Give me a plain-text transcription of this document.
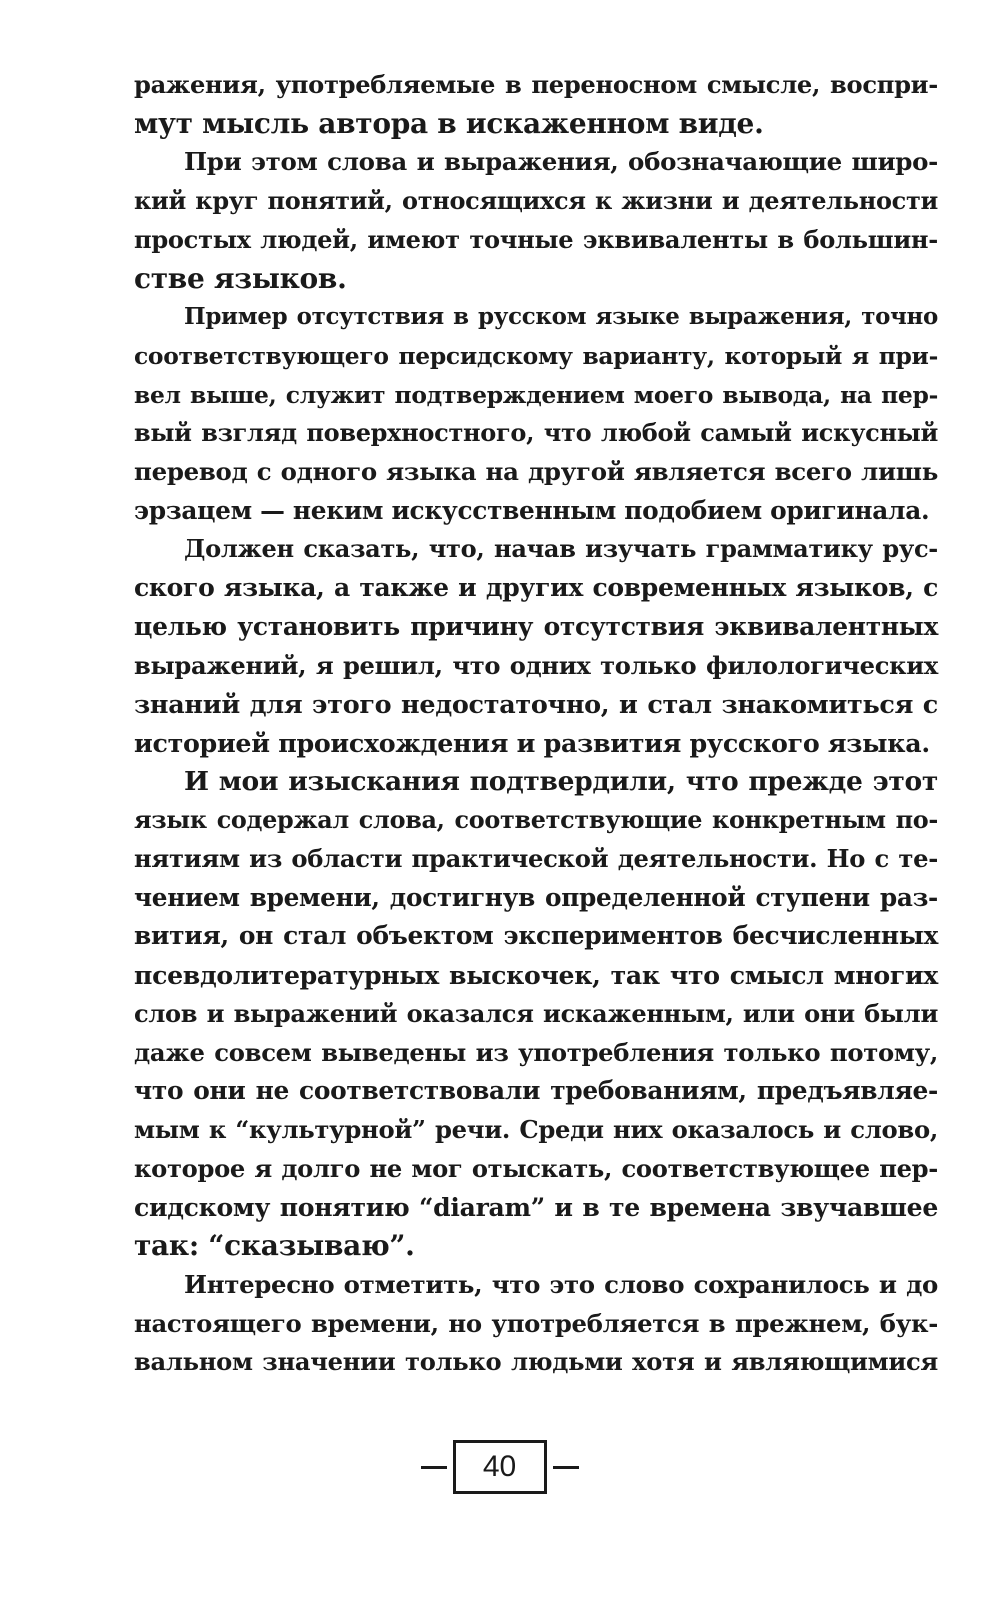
ражения, употребляемые в переносном смысле, воспри-
мут мысль автора в искаженном виде.

При этом слова и выражения, обозначающие широ-
кий круг понятий, относящихся к жизни и деятельности
простых людей, имеют точные эквиваленты в большин-
стве языков.

Пример отсутствия в русском языке выражения, точно
соответствующего персидскому варианту, который я при-
вел выше, служит подтверждением моего вывода, на пер-
вый взгляд поверхностного, что любой самый искусный
перевод с одного языка на другой является всего лишь
эрзацем — неким искусственным подобием оригинала.

Должен сказать, что, начав изучать грамматику рус-
ского языка, а также и других современных языков, с
целью установить причину отсутствия эквивалентных
выражений, я решил, что одних только филологических
знаний для этого недостаточно, и стал знакомиться с
историей происхождения и развития русского языка.

И мои изыскания подтвердили, что прежде этот
язык содержал слова, соответствующие конкретным по-
нятиям из области практической деятельности. Но с те-
чением времени, достигнув определенной ступени раз-
вития, он стал объектом экспериментов бесчисленных
псевдолитературных выскочек, так что смысл многих
слов и выражений оказался искаженным, или они были
даже совсем выведены из употребления только потому,
что они не соответствовали требованиям, предъявляе-
мым к “культурной” речи. Среди них оказалось и слово,
которое я долго не мог отыскать, соответствующее пер-
сидскому понятию “diaram” и в те времена звучавшее
так: “сказываю”.

Интересно отметить, что это слово сохранилось и до
настоящего времени, но употребляется в прежнем, бук-
вальном значении только людьми хотя и являющимися

40
